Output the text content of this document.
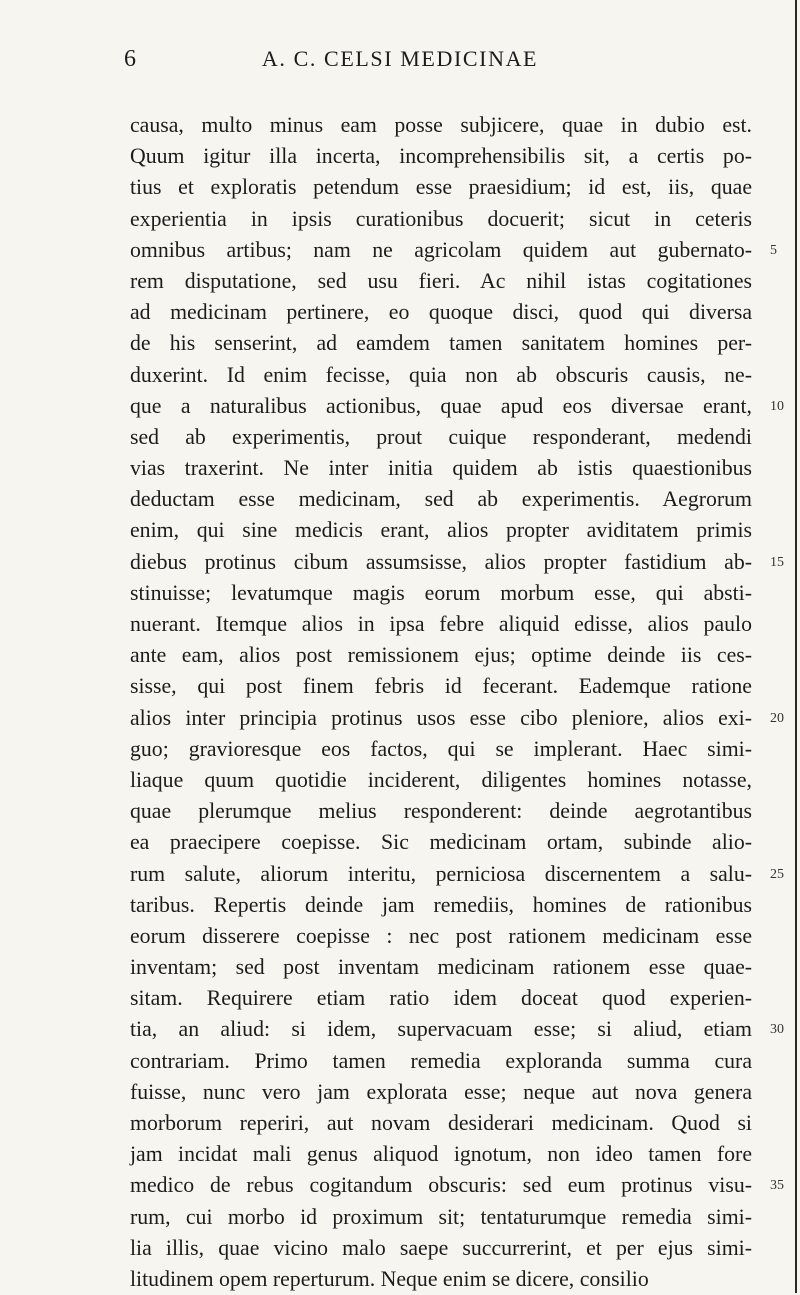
6	A. C. CELSI MEDICINAE
causa, multo minus eam posse subjicere, quae in dubio est.
Quum igitur illa incerta, incomprehensibilis sit, a certis po-
tius et exploratis petendum esse praesidium; id est, iis, quae
experientia in ipsis curationibus docuerit; sicut in ceteris
omnibus artibus; nam ne agricolam quidem aut gubernato- 5
rem disputatione, sed usu fieri. Ac nihil istas cogitationes
ad medicinam pertinere, eo quoque disci, quod qui diversa
de his senserint, ad eamdem tamen sanitatem homines per-
duxerint. Id enim fecisse, quia non ab obscuris causis, ne-
que a naturalibus actionibus, quae apud eos diversae erant, 10
sed ab experimentis, prout cuique responderant, medendi
vias traxerint. Ne inter initia quidem ab istis quaestionibus
deductam esse medicinam, sed ab experimentis. Aegrorum
enim, qui sine medicis erant, alios propter aviditatem primis
diebus protinus cibum assumsisse, alios propter fastidium ab- 15
stinuisse; levatumque magis eorum morbum esse, qui absti-
nuerant. Itemque alios in ipsa febre aliquid edisse, alios paulo
ante eam, alios post remissionem ejus; optime deinde iis ces-
sisse, qui post finem febris id fecerant. Eademque ratione
alios inter principia protinus usos esse cibo pleniore, alios exi- 20
guo; gravioresque eos factos, qui se implerant. Haec simi-
liaque quum quotidie inciderent, diligentes homines notasse,
quae plerumque melius responderent: deinde aegrotantibus
ea praecipere coepisse. Sic medicinam ortam, subinde alio-
rum salute, aliorum interitu, perniciosa discernentem a salu- 25
taribus. Repertis deinde jam remediis, homines de rationibus
eorum disserere coepisse : nec post rationem medicinam esse
inventam; sed post inventam medicinam rationem esse quae-
sitam. Requirere etiam ratio idem doceat quod experien-
tia, an aliud: si idem, supervacuam esse; si aliud, etiam 30
contrariam. Primo tamen remedia exploranda summa cura
fuisse, nunc vero jam explorata esse; neque aut nova genera
morborum reperiri, aut novam desiderari medicinam. Quod si
jam incidat mali genus aliquod ignotum, non ideo tamen fore
medico de rebus cogitandum obscuris: sed eum protinus visu- 35
rum, cui morbo id proximum sit; tentaturumque remedia simi-
lia illis, quae vicino malo saepe succurrerint, et per ejus simi-
litudinem opem reperturum. Neque enim se dicere, consilio
